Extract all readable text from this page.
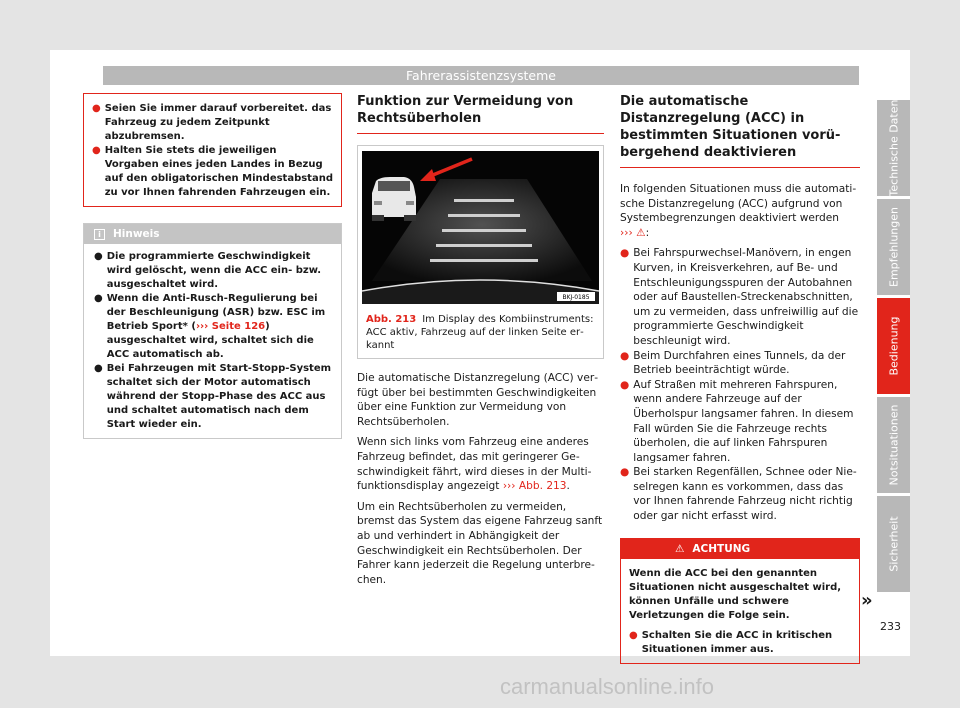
Fahrerassistenzsysteme
● Seien Sie immer darauf vorbereitet. das Fahrzeug zu jedem Zeitpunkt abzubremsen.
● Halten Sie stets die jeweiligen Vorgaben eines jeden Landes in Bezug auf den obligatorischen Mindestabstand zu vor Ihnen fahrenden Fahrzeugen ein.
i	Hinweis
● Die programmierte Geschwindigkeit wird gelöscht, wenn die ACC ein- bzw. ausgeschaltet wird.
● Wenn die Anti-Rusch-Regulierung bei der Beschleunigung (ASR) bzw. ESC im Betrieb Sport* (››› Seite 126) ausgeschaltet wird, schaltet sich die ACC automatisch ab.
● Bei Fahrzeugen mit Start-Stopp-System schaltet sich der Motor automatisch während der Stopp-Phase des ACC aus und schaltet automatisch nach dem Start wieder ein.
Funktion zur Vermeidung von Rechtsüberholen
BKJ-0185
Abb. 213 Im Display des Kombiinstruments: ACC aktiv, Fahrzeug auf der linken Seite erkannt

Die automatische Distanzregelung (ACC) verfügt über bei bestimmten Geschwindigkeiten über eine Funktion zur Vermeidung von Rechtsüberholen.

Wenn sich links vom Fahrzeug eine anderes Fahrzeug befindet, das mit geringerer Geschwindigkeit fährt, wird dieses in der Multifunktionsdisplay angezeigt ››› Abb. 213.

Um ein Rechtsüberholen zu vermeiden, bremst das System das eigene Fahrzeug sanft ab und verhindert in Abhängigkeit der Geschwindigkeit ein Rechtsüberholen. Der Fahrer kann jederzeit die Regelung unterbrechen.

Die automatische Distanzregelung (ACC) in bestimmten Situationen vorübergehend deaktivieren

In folgenden Situationen muss die automatische Distanzregelung (ACC) aufgrund von Systembegrenzungen deaktiviert werden
››› ⚠:

● Bei Fahrspurwechsel-Manövern, in engen Kurven, in Kreisverkehren, auf Be- und Entschleunigungsspuren der Autobahnen oder auf Baustellen-Streckenabschnitten, um zu vermeiden, dass unfreiwillig auf die programmierte Geschwindigkeit beschleunigt wird.
● Beim Durchfahren eines Tunnels, da der Betrieb beeinträchtigt würde.
● Auf Straßen mit mehreren Fahrspuren, wenn andere Fahrzeuge auf der Überholspur langsamer fahren. In diesem Fall würden Sie die Fahrzeuge rechts überholen, die auf linken Fahrspuren langsamer fahren.
● Bei starken Regenfällen, Schnee oder Nieselregen kann es vorkommen, dass das vor Ihnen fahrende Fahrzeug nicht richtig oder gar nicht erfasst wird.
⚠ ACHTUNG

Wenn die ACC bei den genannten Situationen nicht ausgeschaltet wird, können Unfälle und schwere Verletzungen die Folge sein.

● Schalten Sie die ACC in kritischen Situationen immer aus.
»
Technische Daten
Empfehlungen
Bedienung
Notsituationen
Sicherheit
233
carmanualsonline.info
